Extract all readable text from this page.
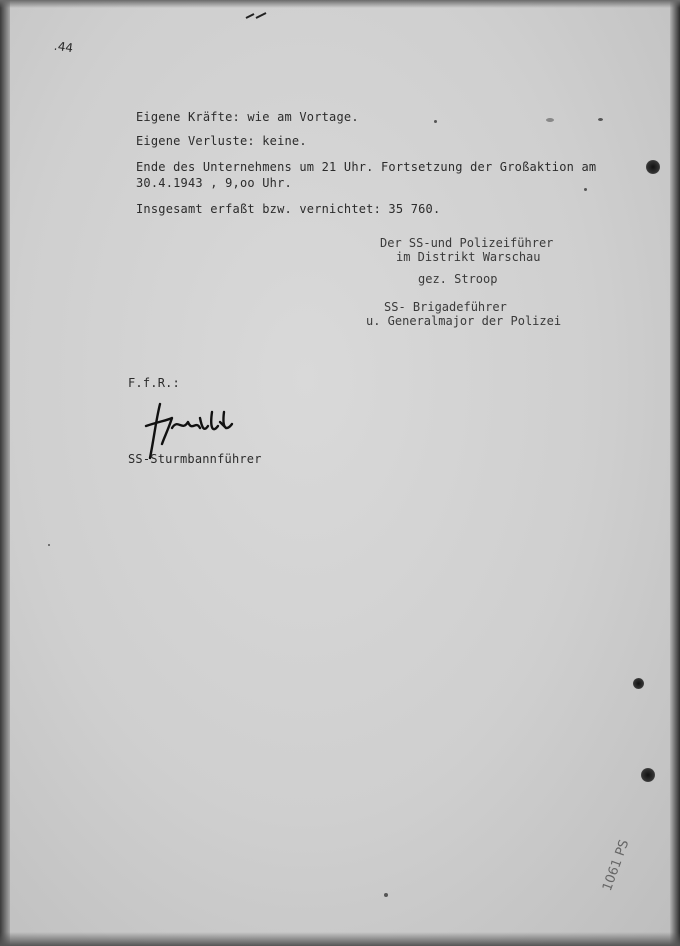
.44
Eigene Kräfte: wie am Vortage.
Eigene Verluste: keine.
Ende des Unternehmens um 21 Uhr. Fortsetzung der Großaktion am
30.4.1943 , 9,oo Uhr.
Insgesamt erfaßt bzw. vernichtet: 35 760.
Der SS-und Polizeiführer
im Distrikt Warschau
gez. Stroop
SS- Brigadeführer
u. Generalmajor der Polizei
F.f.R.:
SS-Sturmbannführer
1061 PS
